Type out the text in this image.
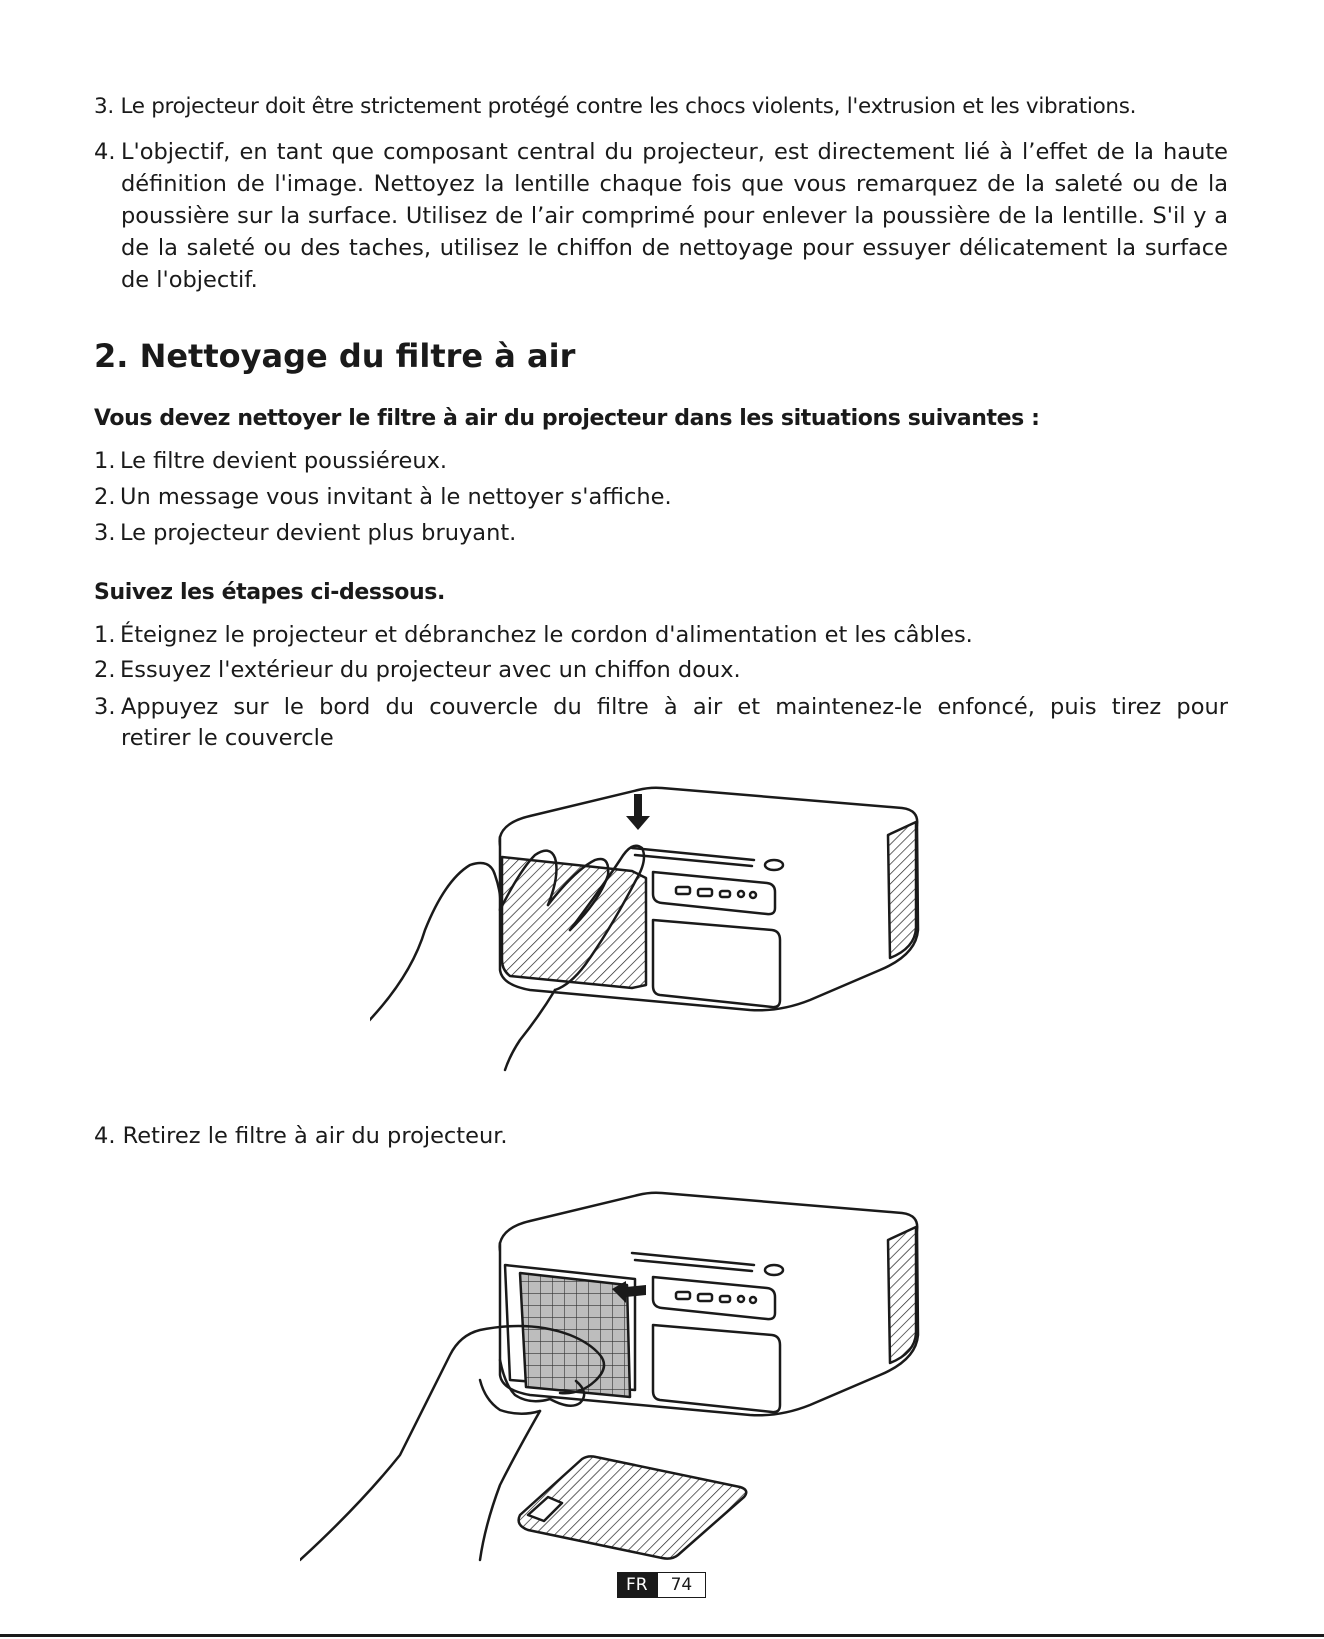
3. Le projecteur doit être strictement protégé contre les chocs violents, l'extrusion et les vibrations.
4. L'objectif, en tant que composant central du projecteur, est directement lié à l’effet de la haute
définition de l'image. Nettoyez la lentille chaque fois que vous remarquez de la saleté ou de la
poussière sur la surface. Utilisez de l’air comprimé pour enlever la poussière de la lentille. S'il y a
de la saleté ou des taches, utilisez le chiffon de nettoyage pour essuyer délicatement la surface
de l'objectif.
2. Nettoyage du filtre à air
Vous devez nettoyer le filtre à air du projecteur dans les situations suivantes :
1. Le filtre devient poussiéreux.
2. Un message vous invitant à le nettoyer s'affiche.
3. Le projecteur devient plus bruyant.
Suivez les étapes ci-dessous.
1. Éteignez le projecteur et débranchez le cordon d'alimentation et les câbles.
2. Essuyez l'extérieur du projecteur avec un chiffon doux.
3. Appuyez sur le bord du couvercle du filtre à air et maintenez-le enfoncé, puis tirez pour
retirer le couvercle
4. Retirez le filtre à air du projecteur.
FR	74
